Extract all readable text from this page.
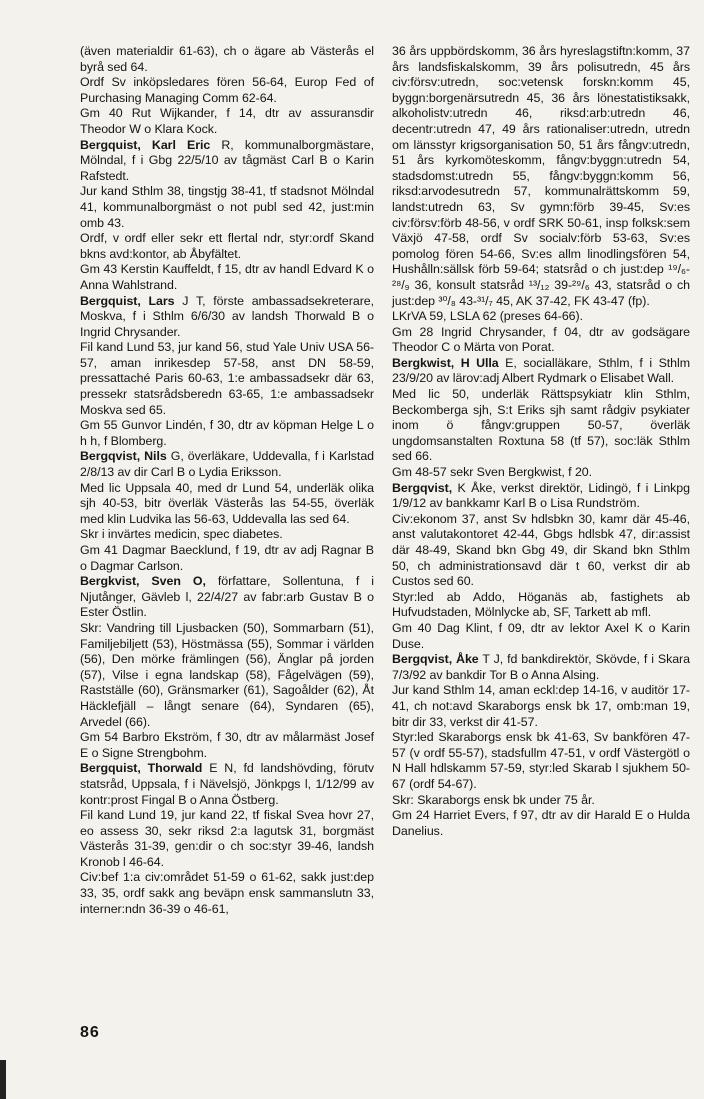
(även materialdir 61-63), ch o ägare ab Västerås el byrå sed 64.

Ordf Sv inköpsledares fören 56-64, Europ Fed of Purchasing Managing Comm 62-64.

Gm 40 Rut Wijkander, f 14, dtr av assuransdir Theodor W o Klara Kock.

Bergquist, Karl Eric R, kommunalborgmästare, Mölndal, f i Gbg 22/5/10 av tågmäst Carl B o Karin Rafstedt.

Jur kand Sthlm 38, tingstjg 38-41, tf stadsnot Mölndal 41, kommunalborgmäst o not publ sed 42, just:min omb 43.

Ordf, v ordf eller sekr ett flertal ndr, styr:ordf Skand bkns avd:kontor, ab Åbyfältet.

Gm 43 Kerstin Kauffeldt, f 15, dtr av handl Edvard K o Anna Wahlstrand.

Bergquist, Lars J T, förste ambassadsekreterare, Moskva, f i Sthlm 6/6/30 av landsh Thorwald B o Ingrid Chrysander.

Fil kand Lund 53, jur kand 56, stud Yale Univ USA 56-57, aman inrikesdep 57-58, anst DN 58-59, pressattaché Paris 60-63, 1:e ambassadsekr där 63, pressekr statsrådsberedn 63-65, 1:e ambassadsekr Moskva sed 65.

Gm 55 Gunvor Lindén, f 30, dtr av köpman Helge L o h h, f Blomberg.

Bergqvist, Nils G, överläkare, Uddevalla, f i Karlstad 2/8/13 av dir Carl B o Lydia Eriksson.

Med lic Uppsala 40, med dr Lund 54, underläk olika sjh 40-53, bitr överläk Västerås las 54-55, överläk med klin Ludvika las 56-63, Uddevalla las sed 64.

Skr i invärtes medicin, spec diabetes.

Gm 41 Dagmar Baecklund, f 19, dtr av adj Ragnar B o Dagmar Carlson.

Bergkvist, Sven O, författare, Sollentuna, f i Njutånger, Gävleb l, 22/4/27 av fabr:arb Gustav B o Ester Östlin.

Skr: Vandring till Ljusbacken (50), Sommarbarn (51), Familjebiljett (53), Höstmässa (55), Sommar i världen (56), Den mörke främlingen (56), Änglar på jorden (57), Vilse i egna landskap (58), Fågelvägen (59), Rastställe (60), Gränsmarker (61), Sagoålder (62), Åt Häcklefjäll – långt senare (64), Syndaren (65), Arvedel (66).

Gm 54 Barbro Ekström, f 30, dtr av målarmäst Josef E o Signe Strengbohm.

Bergquist, Thorwald E N, fd landshövding, förutv statsråd, Uppsala, f i Nävelsjö, Jönkpgs l, 1/12/99 av kontr:prost Fingal B o Anna Östberg.

Fil kand Lund 19, jur kand 22, tf fiskal Svea hovr 27, eo assess 30, sekr riksd 2:a lagutsk 31, borgmäst Västerås 31-39, gen:dir o ch soc:styr 39-46, landsh Kronob l 46-64.

Civ:bef 1:a civ:området 51-59 o 61-62, sakk just:dep 33, 35, ordf sakk ang beväpn ensk sammanslutn 33, interner:ndn 36-39 o 46-61,

36 års uppbördskomm, 36 års hyreslagstiftn:komm, 37 års landsfiskalskomm, 39 års polisutredn, 45 års civ:försv:utredn, soc:vetensk forskn:komm 45, byggn:borgenärsutredn 45, 36 års lönestatistiksakk, alkoholistv:utredn 46, riksd:arb:utredn 46, decentr:utredn 47, 49 års rationaliser:utredn, utredn om länsstyr krigsorganisation 50, 51 års fångv:utredn, 51 års kyrkomöteskomm, fångv:byggn:utredn 54, stadsdomst:utredn 55, fångv:byggn:komm 56, riksd:arvodesutredn 57, kommunalrättskomm 59, landst:utredn 63, Sv gymn:förb 39-45, Sv:es civ:försv:förb 48-56, v ordf SRK 50-61, insp folksk:sem Växjö 47-58, ordf Sv socialv:förb 53-63, Sv:es pomolog fören 54-66, Sv:es allm linodlingsfören 54, Hushålln:sällsk förb 59-64; statsråd o ch just:dep ¹⁹/₆-²⁸/₉ 36, konsult statsråd ¹³/₁₂ 39-²⁹/₆ 43, statsråd o ch just:dep ³⁰/₈ 43-³¹/₇ 45, AK 37-42, FK 43-47 (fp).

LKrVA 59, LSLA 62 (preses 64-66).

Gm 28 Ingrid Chrysander, f 04, dtr av godsägare Theodor C o Märta von Porat.

Bergkwist, H Ulla E, socialläkare, Sthlm, f i Sthlm 23/9/20 av lärov:adj Albert Rydmark o Elisabet Wall.

Med lic 50, underläk Rättspsykiatr klin Sthlm, Beckomberga sjh, S:t Eriks sjh samt rådgiv psykiater inom ö fångv:gruppen 50-57, överläk ungdomsanstalten Roxtuna 58 (tf 57), soc:läk Sthlm sed 66.

Gm 48-57 sekr Sven Bergkwist, f 20.

Bergqvist, K Åke, verkst direktör, Lidingö, f i Linkpg 1/9/12 av bankkamr Karl B o Lisa Rundström.

Civ:ekonom 37, anst Sv hdlsbkn 30, kamr där 45-46, anst valutakontoret 42-44, Gbgs hdlsbk 47, dir:assist där 48-49, Skand bkn Gbg 49, dir Skand bkn Sthlm 50, ch administrationsavd där t 60, verkst dir ab Custos sed 60.

Styr:led ab Addo, Höganäs ab, fastighets ab Hufvudstaden, Mölnlycke ab, SF, Tarkett ab mfl.

Gm 40 Dag Klint, f 09, dtr av lektor Axel K o Karin Duse.

Bergqvist, Åke T J, fd bankdirektör, Skövde, f i Skara 7/3/92 av bankdir Tor B o Anna Alsing.

Jur kand Sthlm 14, aman eckl:dep 14-16, v auditör 17-41, ch not:avd Skaraborgs ensk bk 17, omb:man 19, bitr dir 33, verkst dir 41-57.

Styr:led Skaraborgs ensk bk 41-63, Sv bankfören 47-57 (v ordf 55-57), stadsfullm 47-51, v ordf Västergötl o N Hall hdlskamm 57-59, styr:led Skarab l sjukhem 50-67 (ordf 54-67).

Skr: Skaraborgs ensk bk under 75 år.

Gm 24 Harriet Evers, f 97, dtr av dir Harald E o Hulda Danelius.

86
